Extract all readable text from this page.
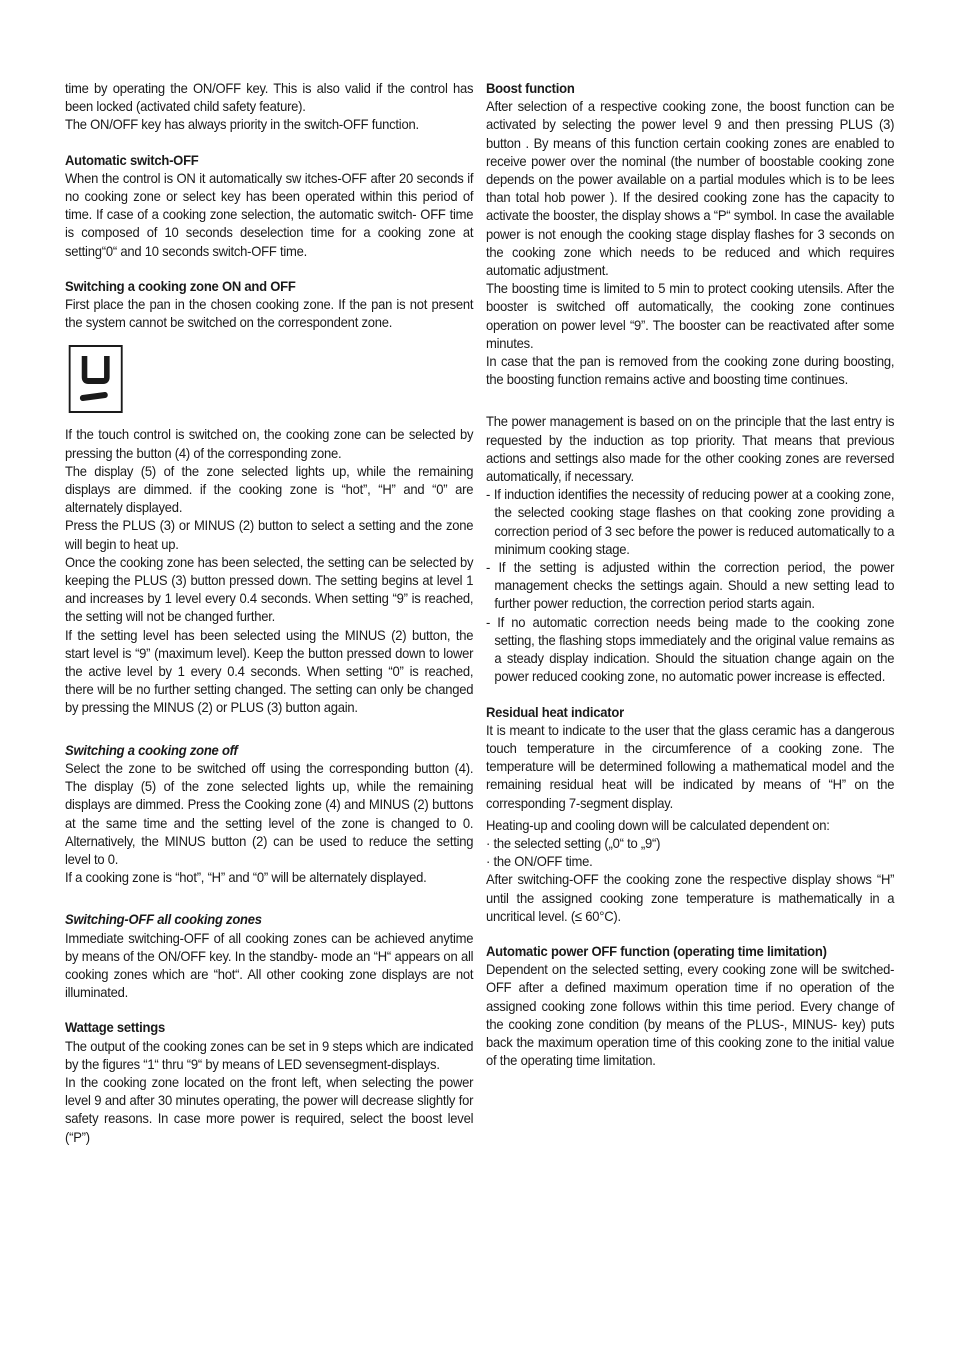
time by operating the ON/OFF key. This is also valid if the control has been locked (activated child safety feature).

The ON/OFF key has always priority in the switch-OFF function.

Automatic switch-OFF

When the control is ON it automatically sw itches-OFF after 20 seconds if no cooking zone or select key has been operated within this period of time. If case of a cooking zone selection, the automatic switch- OFF time is composed of 10 seconds deselection time for a cooking zone at setting“0“ and 10 seconds switch-OFF time.

Switching a cooking zone ON and OFF

First place the pan in the chosen cooking zone. If the pan is not present the system cannot be switched on the correspondent zone.

If the touch control is switched on, the cooking zone can be selected by pressing the button (4) of the corresponding zone.

The display (5) of the zone selected lights up, while the remaining displays are dimmed. if the cooking zone is “hot”, “H” and “0” are alternately displayed.

Press the PLUS (3) or MINUS (2) button to select a setting and the zone will begin to heat up.

Once the cooking zone has been selected, the setting can be selected by keeping the PLUS (3) button pressed down. The setting begins at level 1 and increases by 1 level every 0.4 seconds. When setting “9” is reached, the setting will not be changed further.

If the setting level has been selected using the MINUS (2) button, the start level is “9” (maximum level). Keep the button pressed down to lower the active level by 1 every 0.4 seconds. When setting “0” is reached, there will be no further setting changed. The setting can only be changed by pressing the MINUS (2) or PLUS (3) button again.

Switching a cooking zone off

Select the zone to be switched off using the corresponding button (4). The display (5) of the zone selected lights up, while the remaining displays are dimmed. Press the Cooking zone (4) and MINUS (2) buttons at the same time and the setting level of the zone is changed to 0. Alternatively, the MINUS button (2) can be used to reduce the setting level to 0.

If a cooking zone is “hot”, “H” and “0” will be alternately displayed.

Switching-OFF all cooking zones

Immediate switching-OFF of all cooking zones can be achieved anytime by means of the ON/OFF key. In the standby- mode an “H“ appears on all cooking zones which are “hot“. All other cooking zone displays are not illuminated.

Wattage settings

The output of the cooking zones can be set in 9 steps which are indicated by the figures “1“ thru “9“ by means of LED sevensegment-displays.

In the cooking zone located on the front left, when selecting the power level 9 and after 30 minutes operating, the power will decrease slightly for safety reasons. In case more power is required, select the boost level (“P”)

Boost function

After selection of a respective cooking zone, the boost function can be activated by selecting the power level 9 and then pressing PLUS (3) button . By means of this function certain cooking zones are enabled to receive power over the nominal (the number of boostable cooking zone depends on the power available on a partial modules which is to be lees than total hob power ). If the desired cooking zone has the capacity to activate the booster, the display shows a “P“ symbol. In case the available power is not enough the cooking stage display flashes for 3 seconds on the cooking zone which needs to be reduced and which requires automatic adjustment.

The boosting time is limited to 5 min to protect cooking utensils. After the booster is switched off automatically, the cooking zone continues operation on power level “9”. The booster can be reactivated after some minutes.

In case that the pan is removed from the cooking zone during boosting, the boosting function remains active and boosting time continues.

The power management is based on on the principle that the last entry is requested by the induction as top priority. That means that previous actions and settings also made for the other cooking zones are reversed automatically, if necessary.

- If induction identifies the necessity of reducing power at a cooking zone, the selected cooking stage flashes on that cooking zone providing a correction period of 3 sec before the power is reduced automatically to a minimum cooking stage.

- If the setting is adjusted within the correction period, the power management checks the settings again. Should a new setting lead to further power reduction, the correction period starts again.

- If no automatic correction needs being made to the cooking zone setting, the flashing stops immediately and the original value remains as a steady display indication. Should the situation change again on the power reduced cooking zone, no automatic power increase is effected.

Residual heat indicator

It is meant to indicate to the user that the glass ceramic has a dangerous touch temperature in the circumference of a cooking zone. The temperature will be determined following a mathematical model and the remaining residual heat will be indicated by means of “H” on the corresponding 7-segment display.

Heating-up and cooling down will be calculated dependent on:

· the selected setting („0“ to „9“)

· the ON/OFF time.

After switching-OFF the cooking zone the respective display shows “H” until the assigned cooking zone temperature is mathematically in a uncritical level. (≤ 60°C).

Automatic power OFF function (operating time limitation)

Dependent on the selected setting, every cooking zone will be switched-OFF after a defined maximum operation time if no operation of the assigned cooking zone follows within this time period. Every change of the cooking zone condition (by means of the PLUS-, MINUS- key) puts back the maximum operation time of this cooking zone to the initial value of the operating time limitation.
